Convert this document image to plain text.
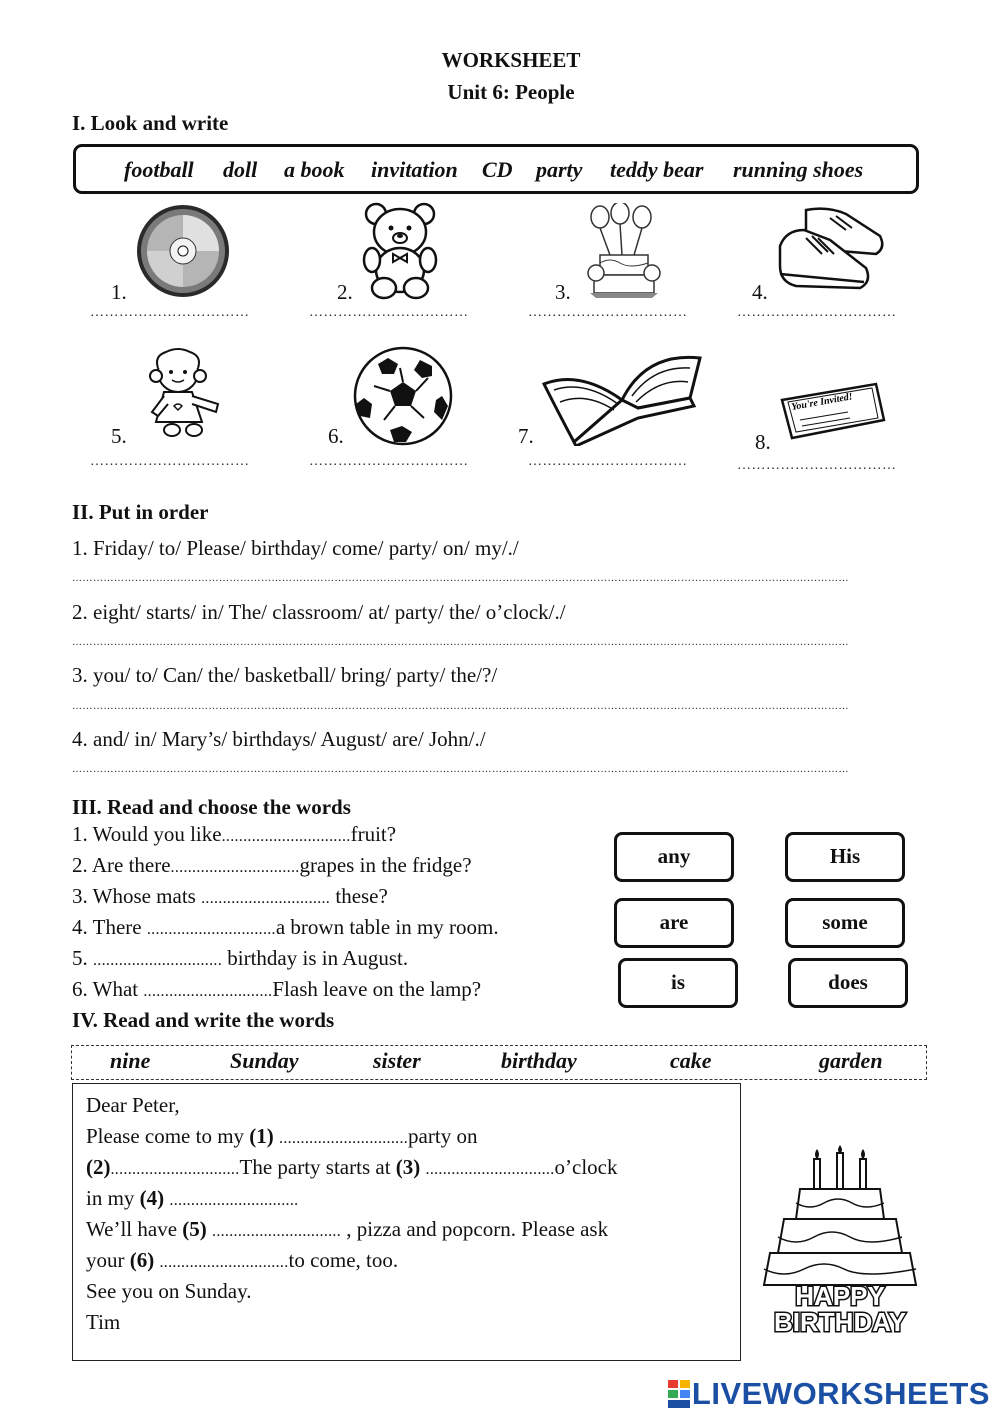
WORKSHEET
Unit 6: People
I. Look and write
football doll a book invitation CD party teddy bear running shoes
1.	2.	3.	4.
……………………………	……………………………	……………………………	……………………………
5.	6.	7.
You're Invited!
8.
……………………………	……………………………	……………………………	……………………………
II. Put in order
1. Friday/ to/ Please/ birthday/ come/ party/ on/ my/./
……………………………………………………………………………………………………………………………………………………………………………………………………
2. eight/ starts/ in/ The/ classroom/ at/ party/ the/ o’clock/./
……………………………………………………………………………………………………………………………………………………………………………………………………
3. you/ to/ Can/ the/ basketball/ bring/ party/ the/?/
……………………………………………………………………………………………………………………………………………………………………………………………………
4. and/ in/ Mary’s/ birthdays/ August/ are/ John/./
……………………………………………………………………………………………………………………………………………………………………………………………………
III. Read and choose the words
1. Would you like..............................fruit?
2. Are there..............................grapes in the fridge?
3. Whose mats .............................. these?
4. There ..............................a brown table in my room.
5. .............................. birthday is in August.
6. What ..............................Flash leave on the lamp?
any	His
are	some
is	does
IV. Read and write the words
nine	Sunday	sister	birthday	cake	garden
Dear Peter,
Please come to my (1) ..............................party on
(2)..............................The party starts at (3) ..............................o’clock
in my (4) ..............................
We’ll have (5) .............................. , pizza and popcorn. Please ask
your (6) ..............................to come, too.
See you on Sunday.
Tim
HAPPY
BIRTHDAY
LIVEWORKSHEETS
